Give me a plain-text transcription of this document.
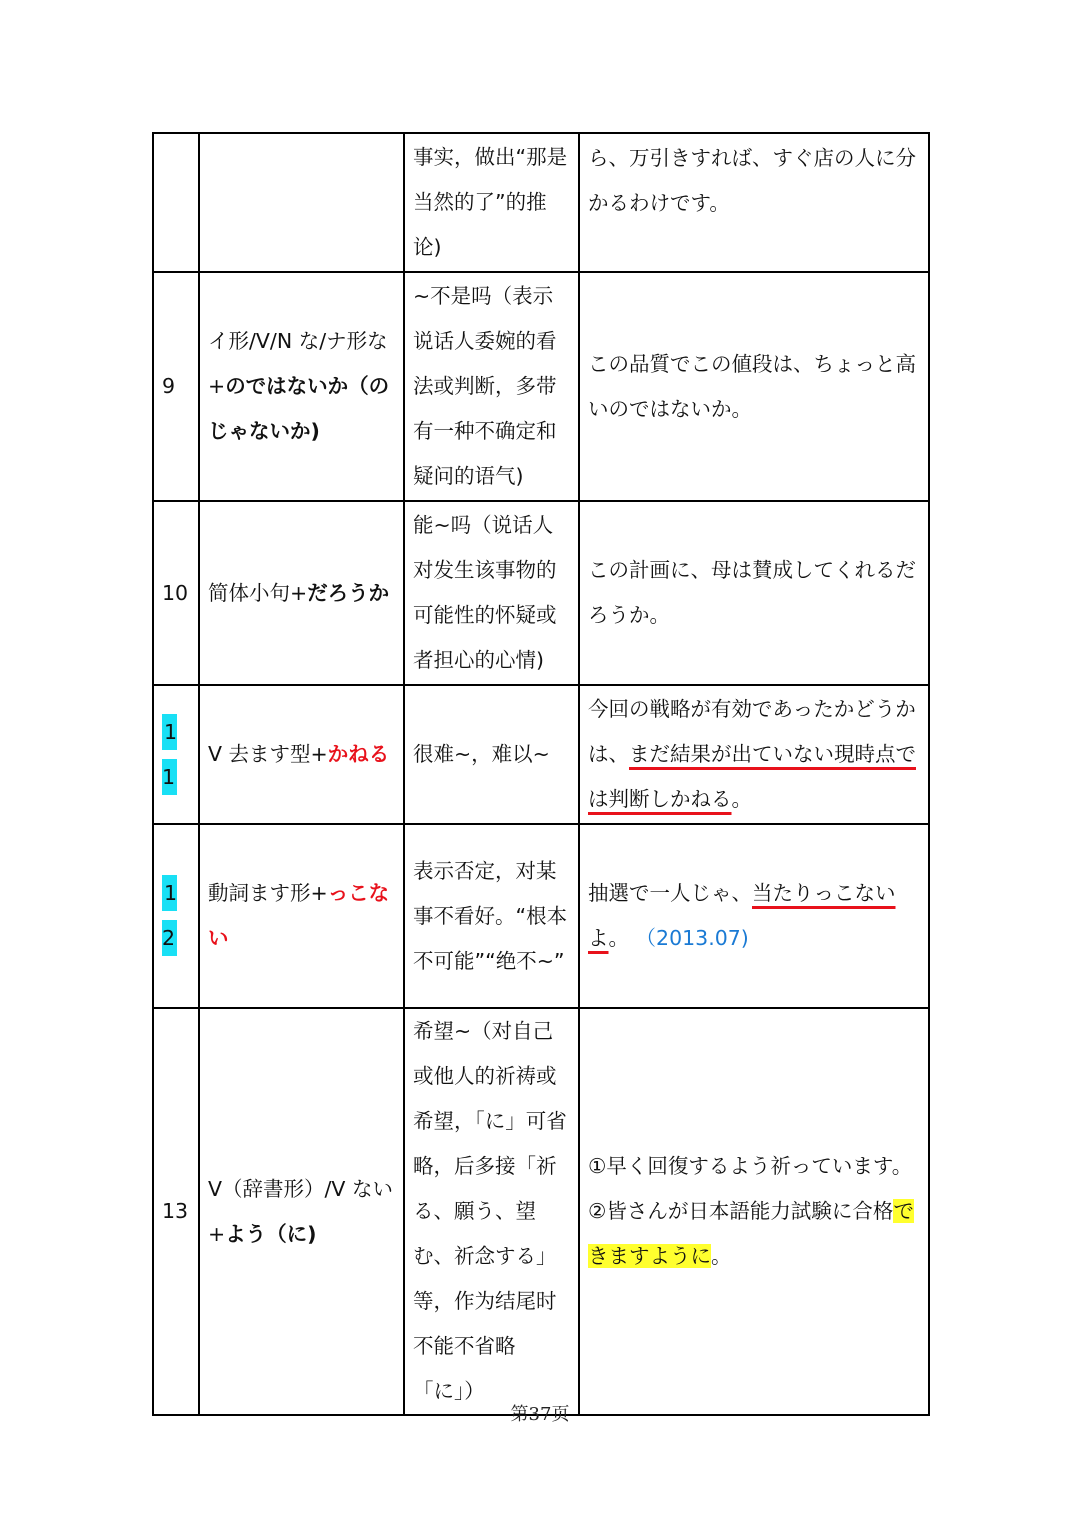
		事实，做出“那是当然的了”的推论)	ら、万引きすれば、すぐ店の人に分かるわけです。
9	イ形/V/N な/ナ形な+のではないか（のじゃないか)	~不是吗（表示说话人委婉的看法或判断，多带有一种不确定和疑问的语气)	この品質でこの値段は、ちょっと高いのではないか。
10	简体小句+だろうか	能~吗（说话人对发生该事物的可能性的怀疑或者担心的心情)	この計画に、母は賛成してくれるだろうか。
11	V 去ます型+かねる	很难~，难以~	今回の戦略が有効であったかどうかは、まだ結果が出ていない現時点では判断しかねる。
12	動詞ます形+っこない	表示否定，对某事不看好。“根本不可能”“绝不~”	抽選で一人じゃ、当たりっこないよ。 （2013.07)
13	V（辞書形）/V ない+よう（に)	希望~（对自己或他人的祈祷或希望，「に」可省略，后多接「祈る、願う、望む、祈念する」等，作为结尾时不能不省略「に」）	①早く回復するよう祈っています。
②皆さんが日本語能力試験に合格できますように。
第37页
